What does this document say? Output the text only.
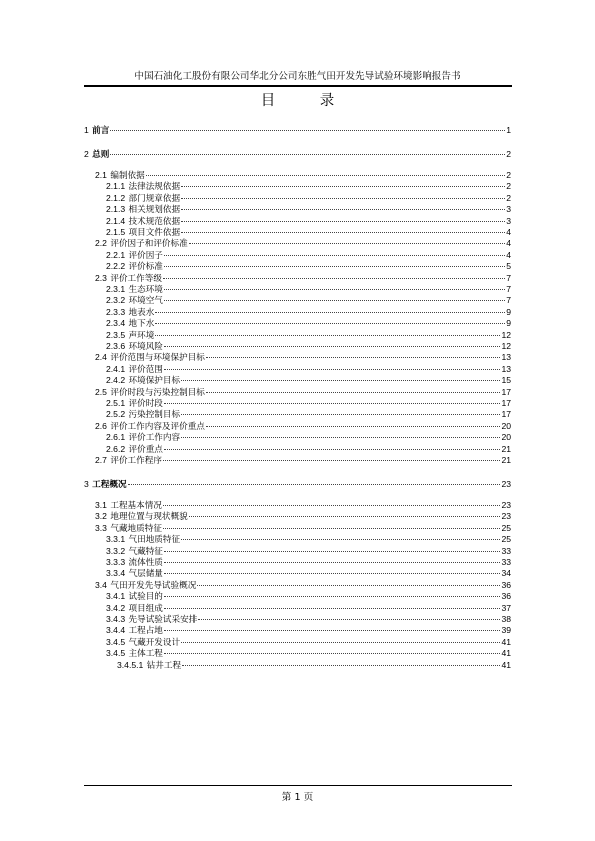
中国石油化工股份有限公司华北分公司东胜气田开发先导试验环境影响报告书
目 录
1 前言	1
2 总则	2
2.1 编制依据	2
2.1.1 法律法规依据	2
2.1.2 部门规章依据	2
2.1.3 相关规划依据	3
2.1.4 技术规范依据	3
2.1.5 项目文件依据	4
2.2 评价因子和评价标准	4
2.2.1 评价因子	4
2.2.2 评价标准	5
2.3 评价工作等级	7
2.3.1 生态环境	7
2.3.2 环境空气	7
2.3.3 地表水	9
2.3.4 地下水	9
2.3.5 声环境	12
2.3.6 环境风险	12
2.4 评价范围与环境保护目标	13
2.4.1 评价范围	13
2.4.2 环境保护目标	15
2.5 评价时段与污染控制目标	17
2.5.1 评价时段	17
2.5.2 污染控制目标	17
2.6 评价工作内容及评价重点	20
2.6.1 评价工作内容	20
2.6.2 评价重点	21
2.7 评价工作程序	21
3 工程概况	23
3.1 工程基本情况	23
3.2 地理位置与现状概貌	23
3.3 气藏地质特征	25
3.3.1 气田地质特征	25
3.3.2 气藏特征	33
3.3.3 流体性质	33
3.3.4 气层储量	34
3.4 气田开发先导试验概况	36
3.4.1 试验目的	36
3.4.2 项目组成	37
3.4.3 先导试验试采安排	38
3.4.4 工程占地	39
3.4.5 气藏开发设计	41
3.4.5 主体工程	41
3.4.5.1 钻井工程	41
第 1 页
